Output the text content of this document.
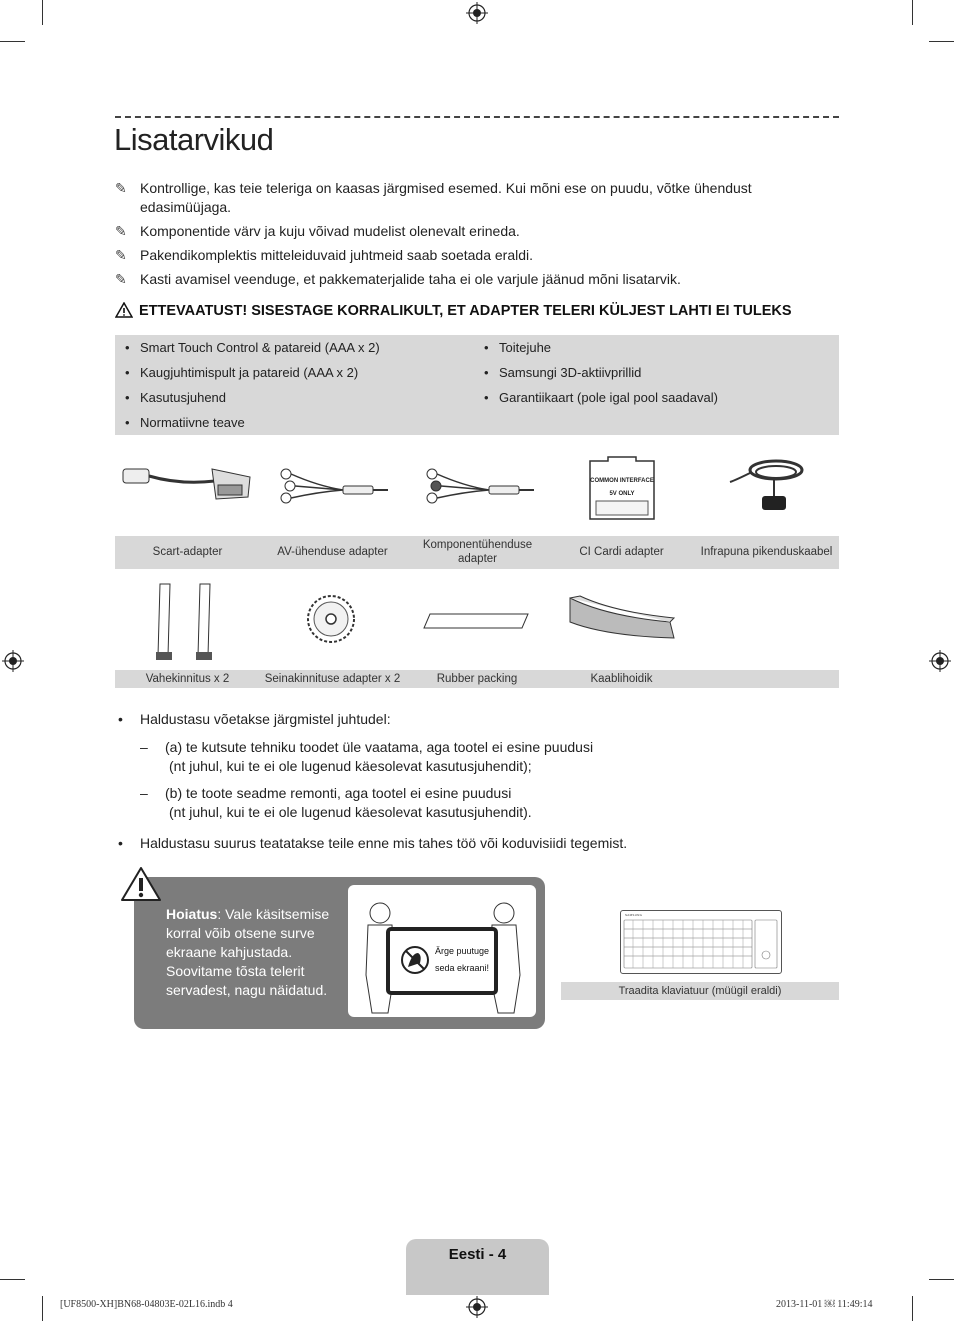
Lisatarvikud
✎ Kontrollige, kas teie teleriga on kaasas järgmised esemed. Kui mõni ese on puudu, võtke ühendust edasimüüjaga.
✎ Komponentide värv ja kuju võivad mudelist olenevalt erineda.
✎ Pakendikomplektis mitteleiduvaid juhtmeid saab soetada eraldi.
✎ Kasti avamisel veenduge, et pakkematerjalide taha ei ole varjule jäänud mõni lisatarvik.
ETTEVAATUST! SISESTAGE KORRALIKULT, ET ADAPTER TELERI KÜLJEST LAHTI EI TULEKS
• Smart Touch Control & patareid (AAA x 2)
• Kaugjuhtimispult ja patareid (AAA x 2)
• Kasutusjuhend
• Normatiivne teave
• Toitejuhe
• Samsungi 3D-aktiivprillid
• Garantiikaart (pole igal pool saadaval)
COMMON INTERFACE
5V ONLY
Scart-adapter	AV-ühenduse adapter
Komponentühenduse adapter
CI Cardi adapter	Infrapuna pikenduskaabel
Vahekinnitus x 2	Seinakinnituse adapter x 2	Rubber packing	Kaablihoidik
• Haldustasu võetakse järgmistel juhtudel:
–	(a) te kutsute tehniku toodet üle vaatama, aga tootel ei esine puudusi
(nt juhul, kui te ei ole lugenud käesolevat kasutusjuhendit);
–	(b) te toote seadme remonti, aga tootel ei esine puudusi
(nt juhul, kui te ei ole lugenud käesolevat kasutusjuhendit).
• Haldustasu suurus teatatakse teile enne mis tahes töö või koduvisiidi tegemist.
Hoiatus: Vale käsitsemise korral võib otsene surve ekraane kahjustada. Soovitame tõsta telerit servadest, nagu näidatud.
Ärge puutuge
seda ekraani!
SAMSUNG
Traadita klaviatuur (müügil eraldi)
Eesti - 4
[UF8500-XH]BN68-04803E-02L16.indb 4	2013-11-01 ￼ 11:49:14
